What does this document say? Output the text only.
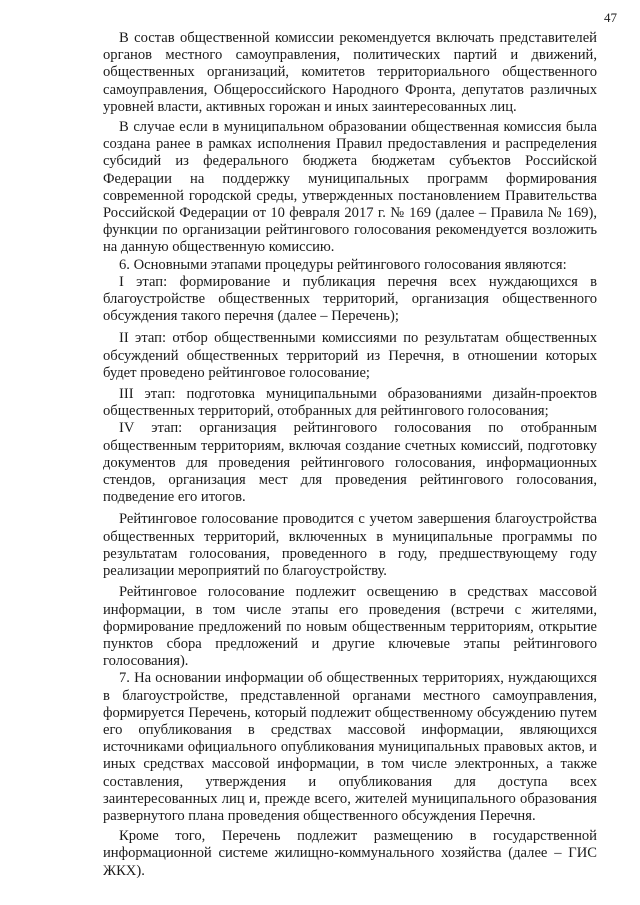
47

В состав общественной комиссии рекомендуется включать представителей органов местного самоуправления, политических партий и движений, общественных организаций, комитетов территориального общественного самоуправления, Общероссийского Народного Фронта, депутатов различных уровней власти, активных горожан и иных заинтересованных лиц.

В случае если в муниципальном образовании общественная комиссия была создана ранее в рамках исполнения Правил предоставления и распределения субсидий из федерального бюджета бюджетам субъектов Российской Федерации на поддержку муниципальных программ формирования современной городской среды, утвержденных постановлением Правительства Российской Федерации от 10 февраля 2017 г. № 169 (далее – Правила № 169), функции по организации рейтингового голосования рекомендуется возложить на данную общественную комиссию.

6. Основными этапами процедуры рейтингового голосования являются:

I этап: формирование и публикация перечня всех нуждающихся в благоустройстве общественных территорий, организация общественного обсуждения такого перечня (далее – Перечень);

II этап: отбор общественными комиссиями по результатам общественных обсуждений общественных территорий из Перечня, в отношении которых будет проведено рейтинговое голосование;

III этап: подготовка муниципальными образованиями дизайн-проектов общественных территорий, отобранных для рейтингового голосования;

IV этап: организация рейтингового голосования по отобранным общественным территориям, включая создание счетных комиссий, подготовку документов для проведения рейтингового голосования, информационных стендов, организация мест для проведения рейтингового голосования, подведение его итогов.

Рейтинговое голосование проводится с учетом завершения благоустройства общественных территорий, включенных в муниципальные программы по результатам голосования, проведенного в году, предшествующему году реализации мероприятий по благоустройству.

Рейтинговое голосование подлежит освещению в средствах массовой информации, в том числе этапы его проведения (встречи с жителями, формирование предложений по новым общественным территориям, открытие пунктов сбора предложений и другие ключевые этапы рейтингового голосования).

7. На основании информации об общественных территориях, нуждающихся в благоустройстве, представленной органами местного самоуправления, формируется Перечень, который подлежит общественному обсуждению путем его опубликования в средствах массовой информации, являющихся источниками официального опубликования муниципальных правовых актов, и иных средствах массовой информации, в том числе электронных, а также составления, утверждения и опубликования для доступа всех заинтересованных лиц и, прежде всего, жителей муниципального образования развернутого плана проведения общественного обсуждения Перечня.

Кроме того, Перечень подлежит размещению в государственной информационной системе жилищно-коммунального хозяйства (далее – ГИС ЖКХ).
